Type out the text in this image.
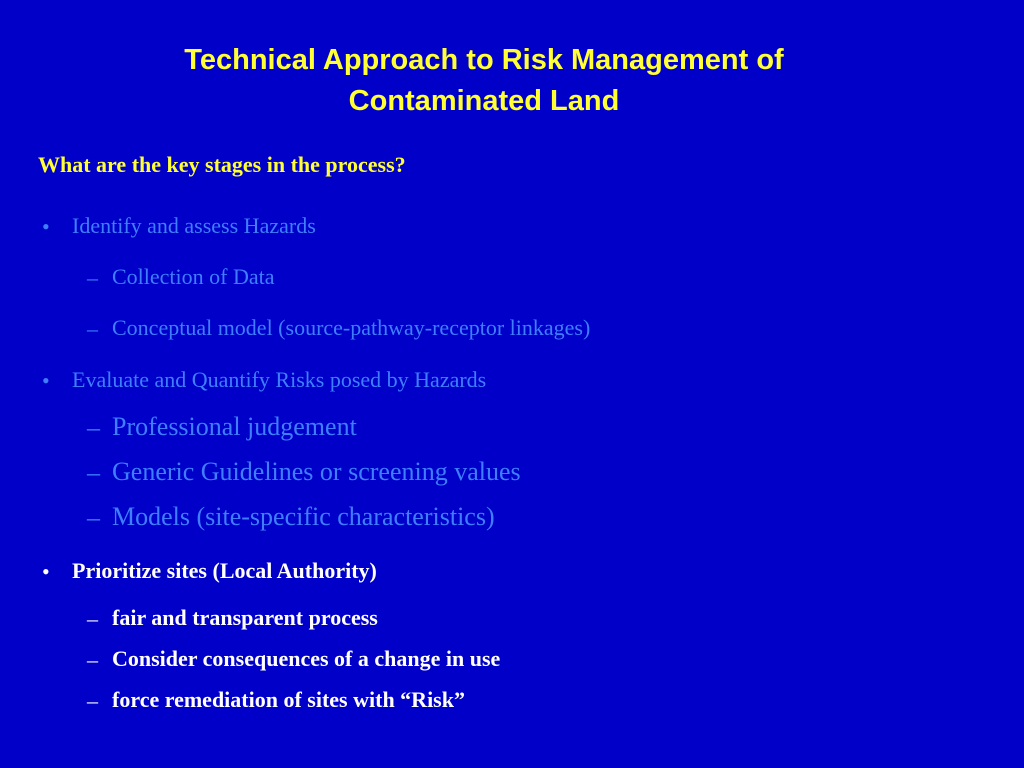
Technical Approach to Risk Management of
Contaminated Land

What are the key stages in the process?

• Identify and assess Hazards
– Collection of Data
– Conceptual model (source-pathway-receptor linkages)
• Evaluate and Quantify Risks posed by Hazards
– Professional judgement
– Generic Guidelines or screening values
– Models (site-specific characteristics)
• Prioritize sites (Local Authority)
– fair and transparent process
– Consider consequences of a change in use
– force remediation of sites with “Risk”
